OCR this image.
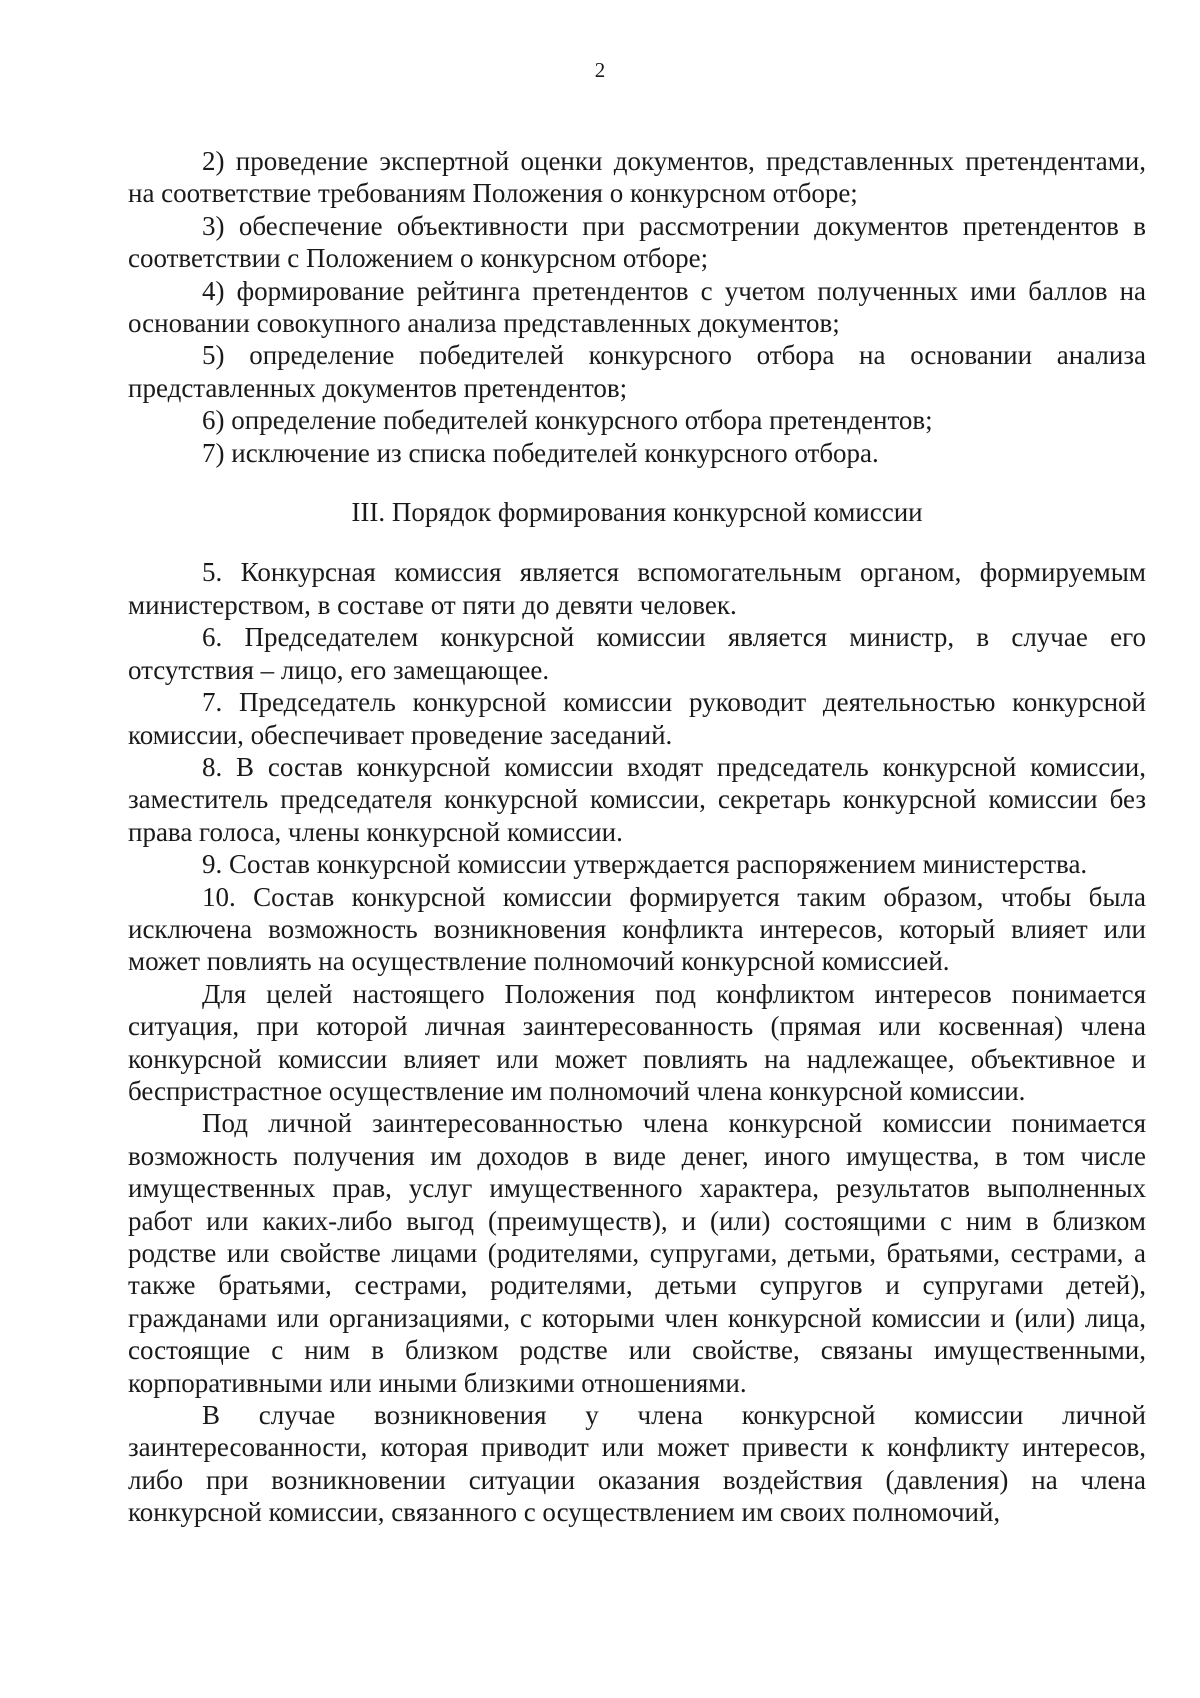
2

2) проведение экспертной оценки документов, представленных претендентами, на соответствие требованиям Положения о конкурсном отборе;

3) обеспечение объективности при рассмотрении документов претендентов в соответствии с Положением о конкурсном отборе;

4) формирование рейтинга претендентов с учетом полученных ими баллов на основании совокупного анализа представленных документов;

5) определение победителей конкурсного отбора на основании анализа представленных документов претендентов;

6) определение победителей конкурсного отбора претендентов;

7) исключение из списка победителей конкурсного отбора.

III. Порядок формирования конкурсной комиссии

5. Конкурсная комиссия является вспомогательным органом, формируемым министерством, в составе от пяти до девяти человек.

6. Председателем конкурсной комиссии является министр, в случае его отсутствия – лицо, его замещающее.

7. Председатель конкурсной комиссии руководит деятельностью конкурсной комиссии, обеспечивает проведение заседаний.

8. В состав конкурсной комиссии входят председатель конкурсной комиссии, заместитель председателя конкурсной комиссии, секретарь конкурсной комиссии без права голоса, члены конкурсной комиссии.

9. Состав конкурсной комиссии утверждается распоряжением министерства.

10. Состав конкурсной комиссии формируется таким образом, чтобы была исключена возможность возникновения конфликта интересов, который влияет или может повлиять на осуществление полномочий конкурсной комиссией.

Для целей настоящего Положения под конфликтом интересов понимается ситуация, при которой личная заинтересованность (прямая или косвенная) члена конкурсной комиссии влияет или может повлиять на надлежащее, объективное и беспристрастное осуществление им полномочий члена конкурсной комиссии.

Под личной заинтересованностью члена конкурсной комиссии понимается возможность получения им доходов в виде денег, иного имущества, в том числе имущественных прав, услуг имущественного характера, результатов выполненных работ или каких-либо выгод (преимуществ), и (или) состоящими с ним в близком родстве или свойстве лицами (родителями, супругами, детьми, братьями, сестрами, а также братьями, сестрами, родителями, детьми супругов и супругами детей), гражданами или организациями, с которыми член конкурсной комиссии и (или) лица, состоящие с ним в близком родстве или свойстве, связаны имущественными, корпоративными или иными близкими отношениями.

В случае возникновения у члена конкурсной комиссии личной заинтересованности, которая приводит или может привести к конфликту интересов, либо при возникновении ситуации оказания воздействия (давления) на члена конкурсной комиссии, связанного с осуществлением им своих полномочий,
